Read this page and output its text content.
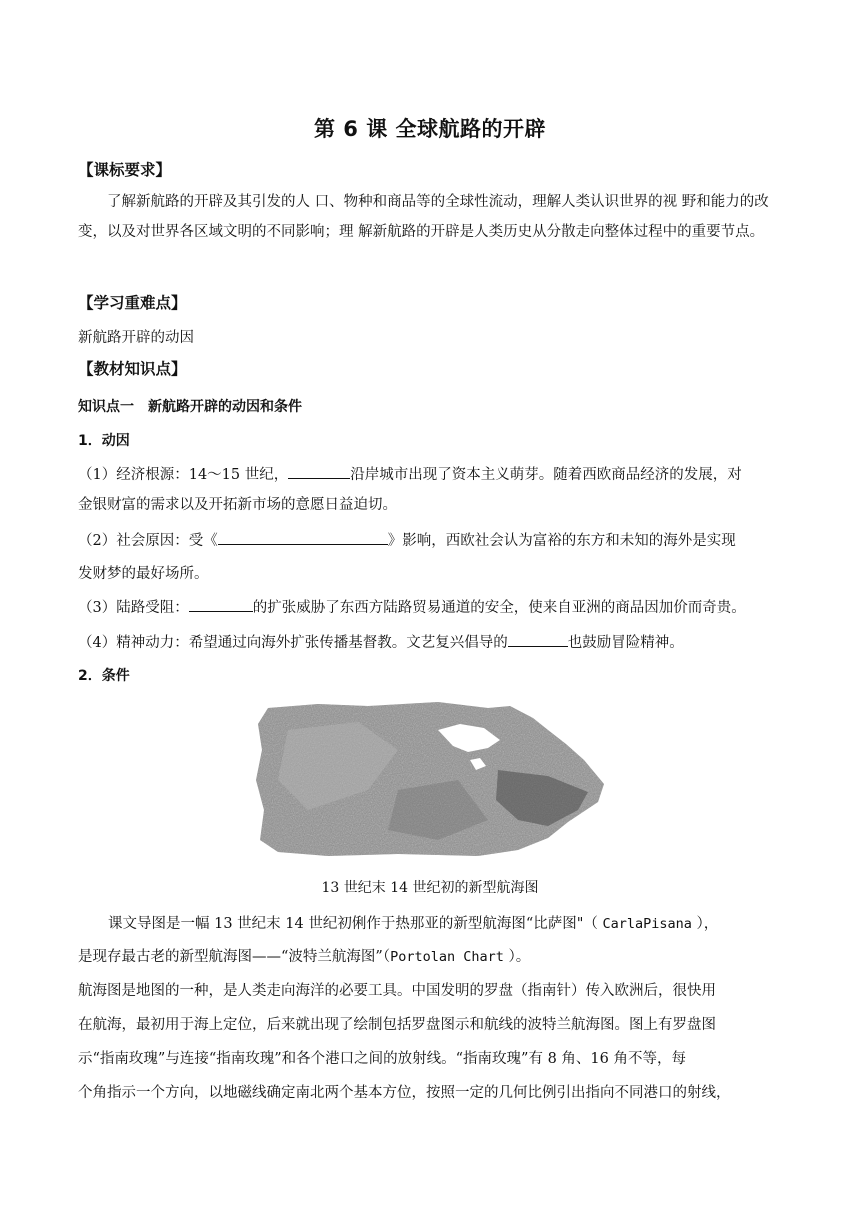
第 6 课 全球航路的开辟
【课标要求】
了解新航路的开辟及其引发的人 口、物种和商品等的全球性流动，理解人类认识世界的视 野和能力的改变，以及对世界各区域文明的不同影响；理 解新航路的开辟是人类历史从分散走向整体过程中的重要节点。
【学习重难点】
新航路开辟的动因
【教材知识点】
知识点一　新航路开辟的动因和条件
1．动因
（1）经济根源：14～15 世纪，	沿岸城市出现了资本主义萌芽。随着西欧商品经济的发展，对
金银财富的需求以及开拓新市场的意愿日益迫切。
（2）社会原因：受《	》影响，西欧社会认为富裕的东方和未知的海外是实现
发财梦的最好场所。
（3）陆路受阻：	的扩张威胁了东西方陆路贸易通道的安全，使来自亚洲的商品因加价而奇贵。
（4）精神动力：希望通过向海外扩张传播基督教。文艺复兴倡导的	也鼓励冒险精神。
2．条件
13 世纪末 14 世纪初的新型航海图
课文导图是一幅 13 世纪末 14 世纪初俐作于热那亚的新型航海图“比萨图"（ CarlaPisana ），
是现存最古老的新型航海图——“波特兰航海图”（Portolan Chart ）。
航海图是地图的一种，是人类走向海洋的必要工具。中国发明的罗盘（指南针）传入欧洲后，很快用
在航海，最初用于海上定位，后来就出现了绘制包括罗盘图示和航线的波特兰航海图。图上有罗盘图
示“指南玫瑰”与连接“指南玫瑰”和各个港口之间的放射线。“指南玫瑰”有 8 角、16 角不等，每
个角指示一个方向，以地磁线确定南北两个基本方位，按照一定的几何比例引出指向不同港口的射线，
